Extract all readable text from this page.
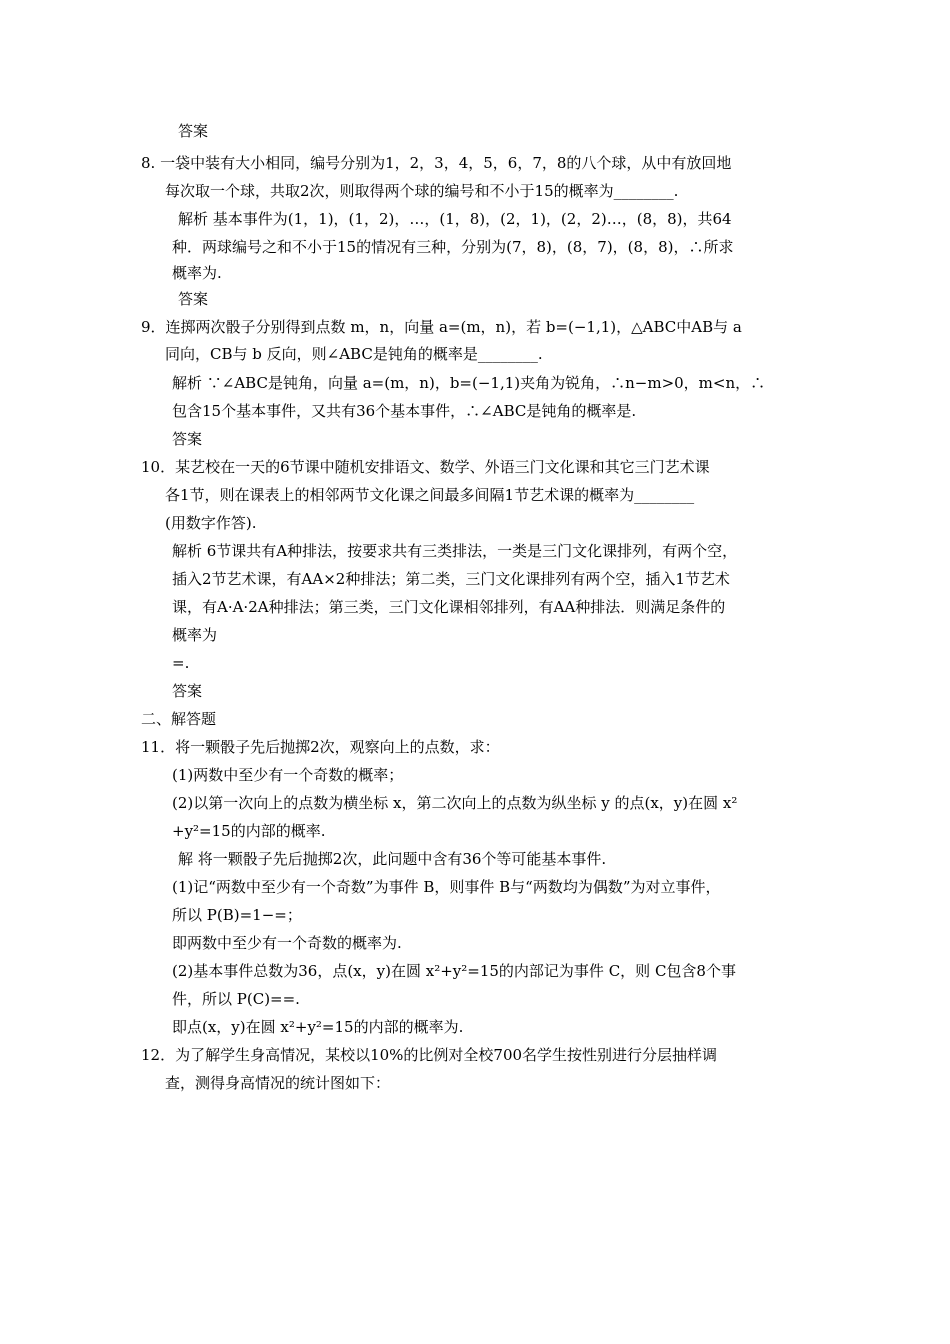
答案
8. 一袋中装有大小相同，编号分别为1，2，3，4，5，6，7，8的八个球，从中有放回地
每次取一个球，共取2次，则取得两个球的编号和不小于15的概率为________.
解析 基本事件为(1，1)，(1，2)，…，(1，8)，(2，1)，(2，2)…，(8，8)，共64
种．两球编号之和不小于15的情况有三种，分别为(7，8)，(8，7)，(8，8)，∴所求
概率为.
答案
9．连掷两次骰子分别得到点数 m，n，向量 a=(m，n)，若 b=(−1,1)，△ABC中AB与 a
同向，CB与 b 反向，则∠ABC是钝角的概率是________.
解析 ∵∠ABC是钝角，向量 a=(m，n)，b=(−1,1)夹角为锐角，∴n−m>0，m<n，∴
包含15个基本事件，又共有36个基本事件，∴∠ABC是钝角的概率是.
答案
10．某艺校在一天的6节课中随机安排语文、数学、外语三门文化课和其它三门艺术课
各1节，则在课表上的相邻两节文化课之间最多间隔1节艺术课的概率为________
(用数字作答).
解析 6节课共有A种排法，按要求共有三类排法，一类是三门文化课排列，有两个空，
插入2节艺术课，有AA×2种排法；第二类，三门文化课排列有两个空，插入1节艺术
课，有A·A·2A种排法；第三类，三门文化课相邻排列，有AA种排法．则满足条件的
概率为
=.
答案
二、解答题
11．将一颗骰子先后抛掷2次，观察向上的点数，求：
(1)两数中至少有一个奇数的概率；
(2)以第一次向上的点数为横坐标 x，第二次向上的点数为纵坐标 y 的点(x，y)在圆 x²
+y²=15的内部的概率.
解 将一颗骰子先后抛掷2次，此问题中含有36个等可能基本事件.
(1)记“两数中至少有一个奇数”为事件 B，则事件 B与“两数均为偶数”为对立事件，
所以 P(B)=1−=；
即两数中至少有一个奇数的概率为.
(2)基本事件总数为36，点(x，y)在圆 x²+y²=15的内部记为事件 C，则 C包含8个事
件，所以 P(C)==.
即点(x，y)在圆 x²+y²=15的内部的概率为.
12．为了解学生身高情况，某校以10%的比例对全校700名学生按性别进行分层抽样调
查，测得身高情况的统计图如下：
